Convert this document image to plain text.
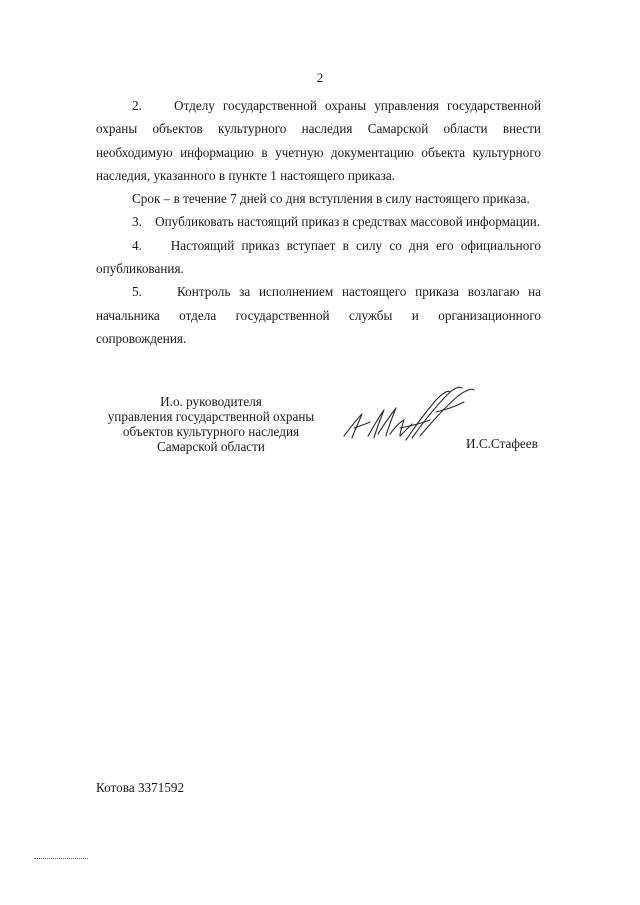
2

2.    Отделу государственной охраны управления государственной охраны объектов культурного наследия Самарской области внести необходимую информацию в учетную документацию объекта культурного наследия, указанного в пункте 1 настоящего приказа.

Срок – в течение 7 дней со дня вступления в силу настоящего приказа.

3.    Опубликовать настоящий приказ в средствах массовой информации.

4.    Настоящий приказ вступает в силу со дня его официального опубликования.

5.    Контроль за исполнением настоящего приказа возлагаю на начальника отдела государственной службы и организационного сопровождения.

И.о. руководителя
управления государственной охраны
объектов культурного наследия
Самарской области	И.С.Стафеев
Котова 3371592
